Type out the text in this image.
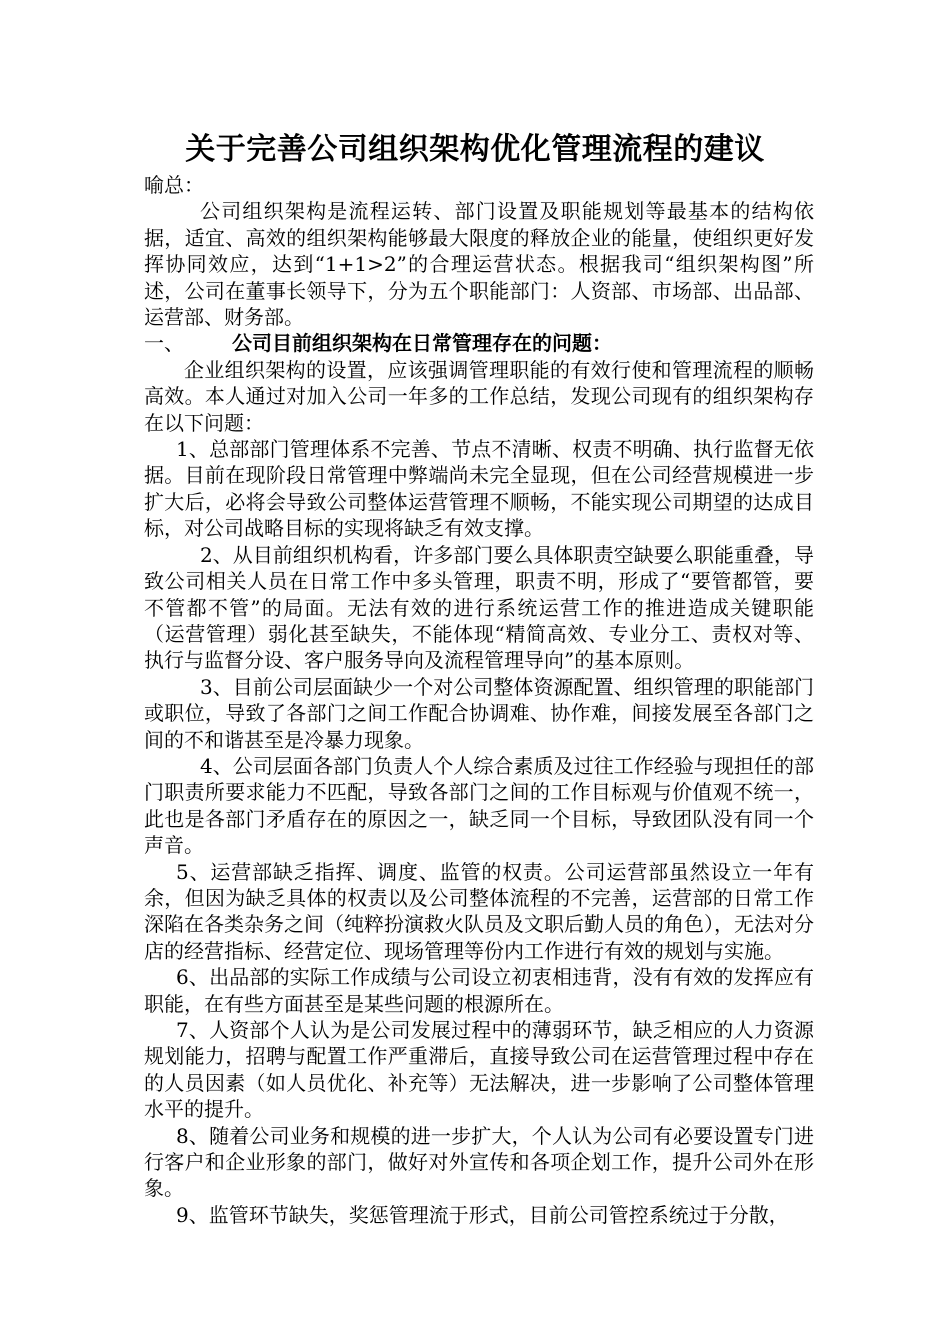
关于完善公司组织架构优化管理流程的建议

喻总：

公司组织架构是流程运转、部门设置及职能规划等最基本的结构依据，适宜、高效的组织架构能够最大限度的释放企业的能量，使组织更好发挥协同效应，达到“1+1>2”的合理运营状态。根据我司“组织架构图”所述，公司在董事长领导下，分为五个职能部门：人资部、市场部、出品部、运营部、财务部。

一、 公司目前组织架构在日常管理存在的问题：

企业组织架构的设置，应该强调管理职能的有效行使和管理流程的顺畅高效。本人通过对加入公司一年多的工作总结，发现公司现有的组织架构存在以下问题：

1、总部部门管理体系不完善、节点不清晰、权责不明确、执行监督无依据。目前在现阶段日常管理中弊端尚未完全显现，但在公司经营规模进一步扩大后，必将会导致公司整体运营管理不顺畅，不能实现公司期望的达成目标，对公司战略目标的实现将缺乏有效支撑。

2、从目前组织机构看，许多部门要么具体职责空缺要么职能重叠，导致公司相关人员在日常工作中多头管理，职责不明，形成了“要管都管，要不管都不管”的局面。无法有效的进行系统运营工作的推进造成关键职能（运营管理）弱化甚至缺失，不能体现“精简高效、专业分工、责权对等、执行与监督分设、客户服务导向及流程管理导向”的基本原则。

3、目前公司层面缺少一个对公司整体资源配置、组织管理的职能部门或职位，导致了各部门之间工作配合协调难、协作难，间接发展至各部门之间的不和谐甚至是冷暴力现象。

4、公司层面各部门负责人个人综合素质及过往工作经验与现担任的部门职责所要求能力不匹配，导致各部门之间的工作目标观与价值观不统一，此也是各部门矛盾存在的原因之一，缺乏同一个目标，导致团队没有同一个声音。

5、运营部缺乏指挥、调度、监管的权责。公司运营部虽然设立一年有余，但因为缺乏具体的权责以及公司整体流程的不完善，运营部的日常工作深陷在各类杂务之间（纯粹扮演救火队员及文职后勤人员的角色），无法对分店的经营指标、经营定位、现场管理等份内工作进行有效的规划与实施。

6、出品部的实际工作成绩与公司设立初衷相违背，没有有效的发挥应有职能，在有些方面甚至是某些问题的根源所在。

7、人资部个人认为是公司发展过程中的薄弱环节，缺乏相应的人力资源规划能力，招聘与配置工作严重滞后，直接导致公司在运营管理过程中存在的人员因素（如人员优化、补充等）无法解决，进一步影响了公司整体管理水平的提升。

8、随着公司业务和规模的进一步扩大，个人认为公司有必要设置专门进行客户和企业形象的部门，做好对外宣传和各项企划工作，提升公司外在形象。

9、监管环节缺失，奖惩管理流于形式，目前公司管控系统过于分散，
